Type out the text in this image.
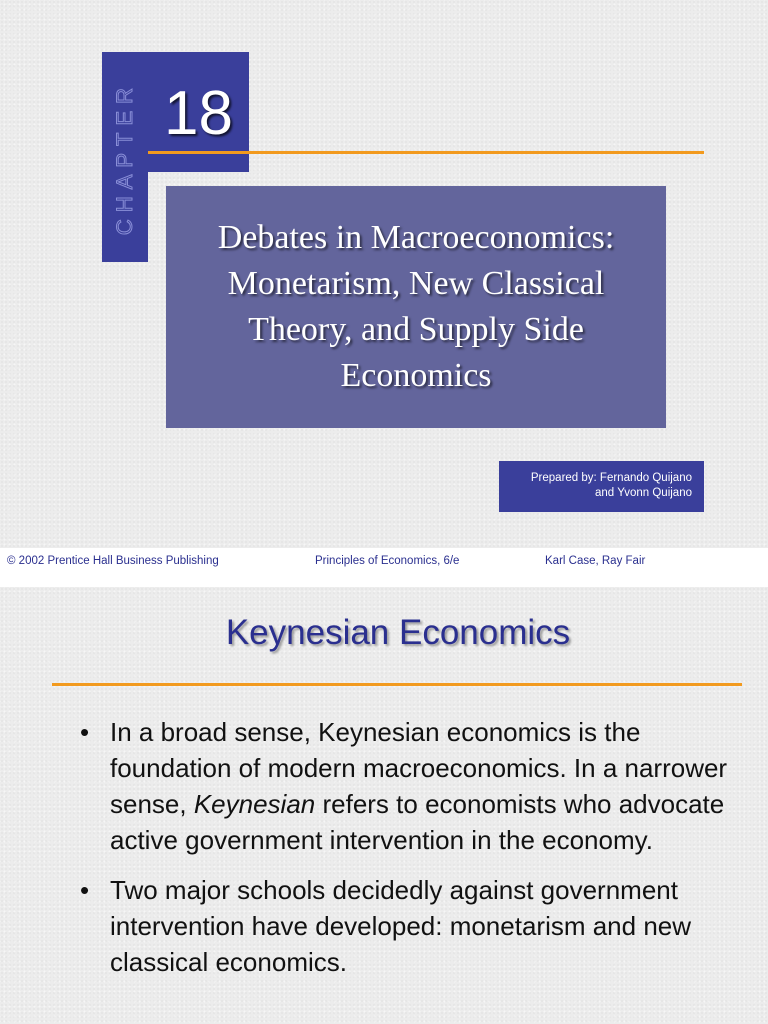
CHAPTER 18
Debates in Macroeconomics:
Monetarism, New Classical
Theory, and Supply Side
Economics
Prepared by: Fernando Quijano
and Yvonn Quijano
© 2002 Prentice Hall Business Publishing	Principles of Economics, 6/e	Karl Case, Ray Fair
Keynesian Economics
• In a broad sense, Keynesian economics is the foundation of modern macroeconomics. In a narrower sense, Keynesian refers to economists who advocate active government intervention in the economy.
• Two major schools decidedly against government intervention have developed: monetarism and new classical economics.
